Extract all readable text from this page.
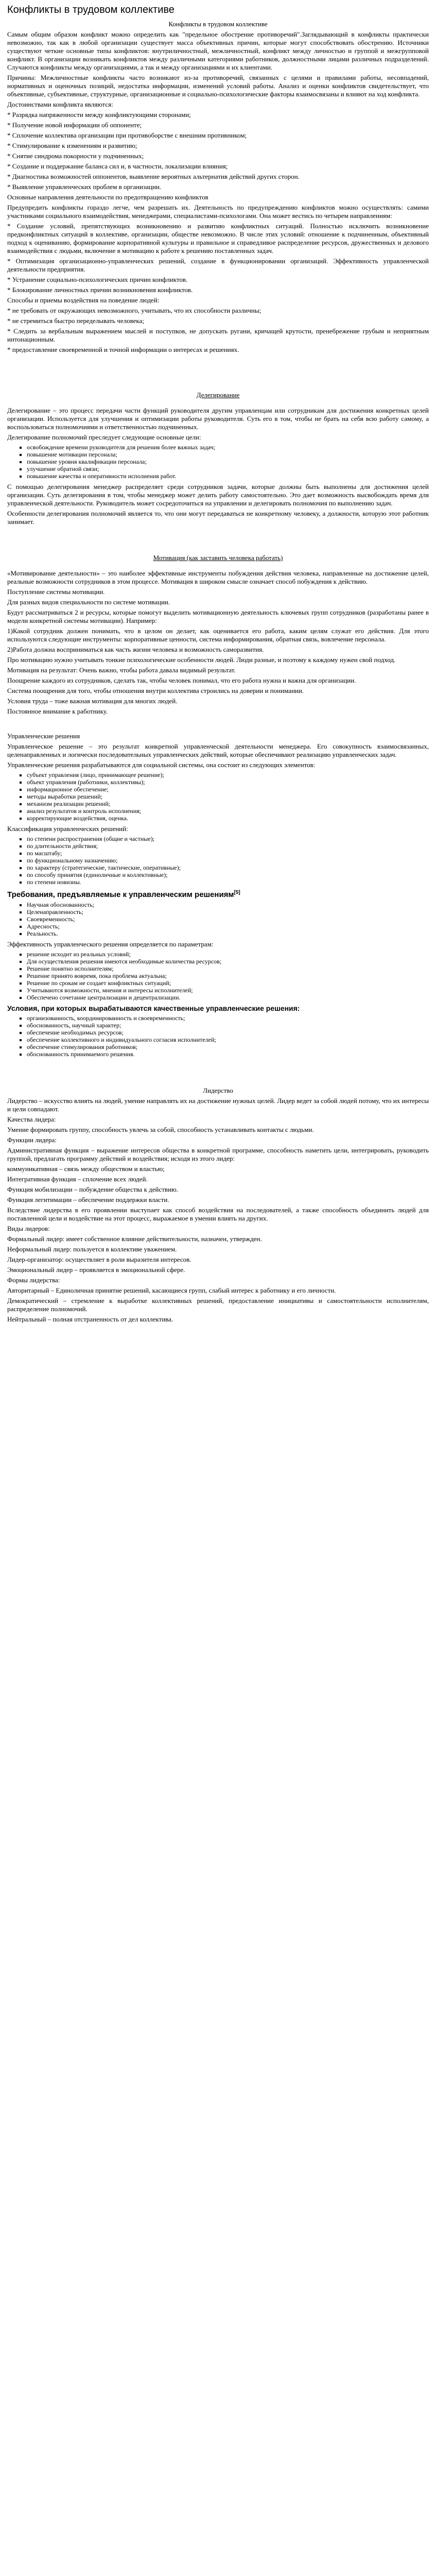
Конфликты в трудовом коллективе
Конфликты в трудовом коллективе

Самым общим образом конфликт можно определить как "предельное обострение противоречий".Заглядывающий в конфликты практически невозможно, так как в любой организации существует масса объективных причин, которые могут способствовать обострению. Источники существуют четкие основные типы конфликтов: внутриличностный, межличностный, конфликт между личностью и группой и межгрупповой конфликт. В организации возникать конфликтов между различными категориями работников, должностными лицами различных подразделений. Случаются конфликты между организациями, а так и между организациями и их клиентами.

Причины: Межличностные конфликты часто возникают из-за противоречий, связанных с целями и правилами работы, несовпадений, нормативных и оценочных позиций, недостатка информации, изменений условий работы. Анализ и оценки конфликтов свидетельствует, что объективные, субъективные, структурные, организационные и социально-психологические факторы взаимосвязаны и влияют на ход конфликта.

Достоинствами конфликта являются:

* Разрядка напряженности между конфликтующими сторонами;

* Получение новой информации об оппоненте;

* Сплочение коллектива организации при противоборстве с внешним противником;

* Стимулирование к изменениям и развитию;

* Снятие синдрома покорности у подчиненных;

* Создание и поддержание баланса сил и, в частности, локализации влияния;

* Диагностика возможностей оппонентов, выявление вероятных альтернатив действий других сторон.

* Выявление управленческих проблем в организации.

Основные направления деятельности по предотвращению конфликтов

Предупредить конфликты гораздо легче, чем разрешать их. Деятельность по предупреждению конфликтов можно осуществлять: самими участниками социального взаимодействия, менеджерами, специалистами-психологами. Она может вестись по четырем направлениям:

* Создание условий, препятствующих возникновению и развитию конфликтных ситуаций. Полностью исключить возникновение предконфликтных ситуаций в коллективе, организации, обществе невозможно. В числе этих условий: отношение к подчиненным, объективный подход к оцениванию, формирование корпоративной культуры и правильное и справедливое распределение ресурсов, дружественных и делового взаимодействия с людьми, включение в мотивацию к работе к решению поставленных задач.

* Оптимизация организационно-управленческих решений, создание в функционировании организаций. Эффективность управленческой деятельности предприятия.

* Устранение социально-психологических причин конфликтов.

* Блокирование личностных причин возникновения конфликтов.

Способы и приемы воздействия на поведение людей:

* не требовать от окружающих невозможного, учитывать, что их способности различны;

* не стремиться быстро переделывать человека;

* Следить за вербальным выражением мыслей и поступков, не допускать ругани, кричащей крутости, пренебрежение грубым и неприятным интонационным.

* предоставление своевременной и точной информации о интересах и решениях.

Делегирование

Делегирование – это процесс передачи части функций руководителя другим управленцам или сотрудникам для достижения конкретных целей организации. Используется для улучшения и оптимизации работы руководителя. Суть его в том, чтобы не брать на себя всю работу самому, а воспользоваться полномочиями и ответственностью подчиненных.

Делегирование полномочий преследует следующие основные цели:

▪ освобождение времени руководителя для решения более важных задач;
▪ повышение мотивации персонала;
▪ повышение уровня квалификации персонала;
▪ улучшение обратной связи;
▪ повышение качества и оперативности исполнения работ.

С помощью делегирования менеджер распределяет среди сотрудников задачи, которые должны быть выполнены для достижения целей организации. Суть делегирования в том, чтобы менеджер может делить работу самостоятельно. Это дает возможность высвобождать время для управленческой деятельности. Руководитель может сосредоточиться на управлении и делегировать полномочия по выполнению задач.

Особенности делегирования полномочий является то, что они могут передаваться не конкретному человеку, а должности, которую этот работник занимает.

Мотивация (как заставить человека работать)

«Мотивирование деятельности» – это наиболее эффективные инструменты побуждения действия человека, направленные на достижение целей, реальные возможности сотрудников в этом процессе. Мотивация в широком смысле означает способ побуждения к действию.

Поступление системы мотивации.

Для разных видов специальности по системе мотивации.

Будут рассматриваться 2 и ресурсы, которые помогут выделить мотивационную деятельность ключевых групп сотрудников (разработаны ранее в модели конкретной системы мотивации). Например:

1)Какой сотрудник должен понимать, что в целом он делает, как оценивается его работа, каким целям служат его действия. Для этого используются следующие инструменты: корпоративные ценности, система информирования, обратная связь, вовлечение персонала.

2)Работа должна восприниматься как часть жизни человека и возможность саморазвития.

Про мотивацию нужно учитывать тонкие психологические особенности людей. Люди разные, и поэтому к каждому нужен свой подход.

Мотивация на результат: Очень важно, чтобы работа давала видимый результат.

Поощрение каждого из сотрудников, сделать так, чтобы человек понимал, что его работа нужна и важна для организации.

Система поощрения для того, чтобы отношения внутри коллектива строились на доверии и понимании.

Условия труда – тоже важная мотивация для многих людей.

Постоянное внимание к работнику.

Управленческие решения

Управленческое решение – это результат конкретной управленческой деятельности менеджера. Его совокупность взаимосвязанных, целенаправленных и логически последовательных управленческих действий, которые обеспечивают реализацию управленческих задач.

Управленческие решения разрабатываются для социальной системы, она состоит из следующих элементов:

▪ субъект управления (лицо, принимающее решение);
▪ объект управления (работники, коллективы);
▪ информационное обеспечение;
▪ методы выработки решений;
▪ механизм реализации решений;
▪ анализ результатов и контроль исполнения;
▪ корректирующие воздействия, оценка.

Классификация управленческих решений:

▪ по степени распространения (общие и частные);
▪ по длительности действия;
▪ по масштабу;
▪ по функциональному назначению;
▪ по характеру (стратегические, тактические, оперативные);
▪ по способу принятия (единоличные и коллективные);
▪ по степени новизны.
Требования, предъявляемые к управленческим решениям[5]
▪ Научная обоснованность;
▪ Целенаправленность;
▪ Своевременность;
▪ Адресность;
▪ Реальность.

Эффективность управленческого решения определяется по параметрам:

▪ решение исходит из реальных условий;
▪ Для осуществления решения имеются необходимые количества ресурсов;
▪ Решение понятно исполнителям;
▪ Решение принято вовремя, пока проблема актуальна;
▪ Решение по срокам не создает конфликтных ситуаций;
▪ Учитываются возможности, мнения и интересы исполнителей;
▪ Обеспечено сочетание централизации и децентрализации.
Условия, при которых вырабатываются качественные управленческие решения:
▪ организованность, координированность и своевременность;
▪ обоснованность, научный характер;
▪ обеспечение необходимых ресурсов;
▪ обеспечение коллективного и индивидуального согласия исполнителей;
▪ обеспечение стимулирования работников;
▪ обоснованность принимаемого решения.
Лидерство

Лидерство – искусство влиять на людей, умение направлять их на достижение нужных целей. Лидер ведет за собой людей потому, что их интересы и цели совпадают.

Качества лидера:

Умение формировать группу, способность увлечь за собой, способность устанавливать контакты с людьми.

Функции лидера:

Административная функция – выражение интересов общества в конкретной программе, способность наметить цели, интегрировать, руководить группой, предлагать программу действий и воздействия; исходя из этого лидер:

коммуникативная – связь между обществом и властью;

Интегративная функция – сплочение всех людей.

Функция мобилизации – побуждение общества к действию.

Функция легитимации – обеспечение поддержки власти.

Вследствие лидерства в его проявлении выступает как способ воздействия на последователей, а также способность объединить людей для поставленной цели и воздействие на этот процесс, выражаемое в умении влиять на других.

Виды лидеров:

Формальный лидер: имеет собственное влияние действительности, назначен, утвержден.

Неформальный лидер: пользуется в коллективе уважением.

Лидер-организатор: осуществляет в роли выразителя интересов.

Эмоциональный лидер – проявляется в эмоциональной сфере.

Формы лидерства:

Авторитарный – Единоличная принятие решений, касающиеся групп, слабый интерес к работнику и его личности.

Демократический – стремление к выработке коллективных решений, предоставление инициативы и самостоятельности исполнителям, распределение полномочий.

Нейтральный – полная отстраненность от дел коллектива.
